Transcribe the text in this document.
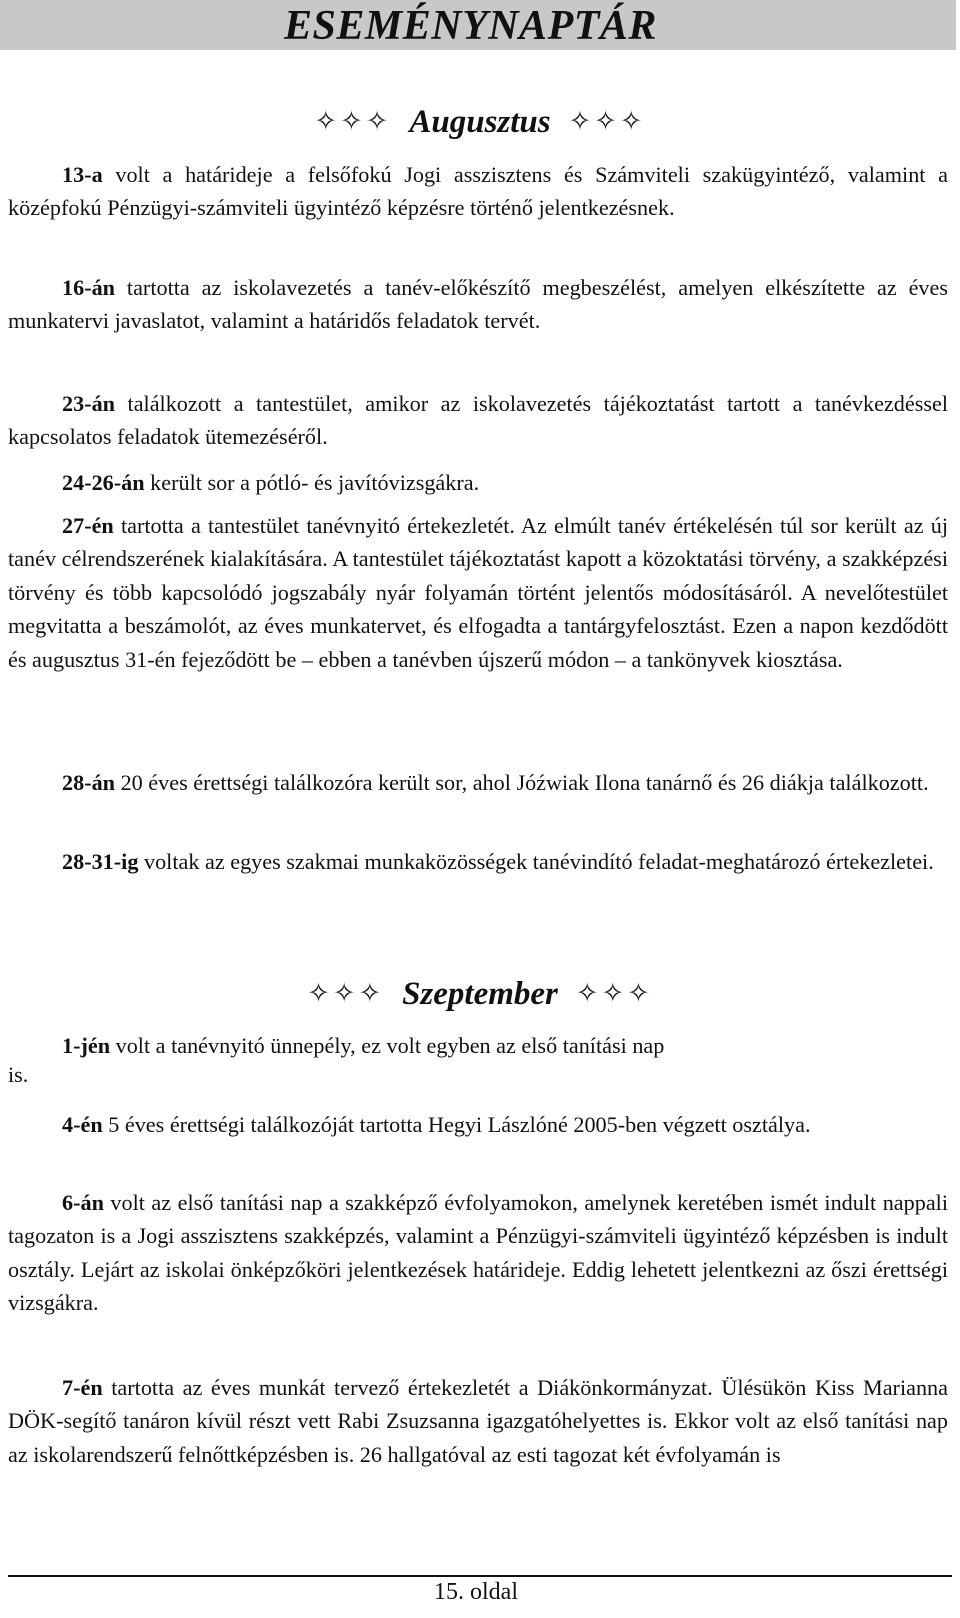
ESEMÉNYNAPTÁR
✧✧✧ Augusztus ✧✧✧

13-a volt a határideje a felsőfokú Jogi asszisztens és Számviteli szakügyintéző, valamint a középfokú Pénzügyi-számviteli ügyintéző képzésre történő jelentkezésnek.

16-án tartotta az iskolavezetés a tanév-előkészítő megbeszélést, amelyen elkészítette az éves munkatervi javaslatot, valamint a határidős feladatok tervét.

23-án találkozott a tantestület, amikor az iskolavezetés tájékoztatást tartott a tanévkezdéssel kapcsolatos feladatok ütemezéséről.

24-26-án került sor a pótló- és javítóvizsgákra.

27-én tartotta a tantestület tanévnyitó értekezletét. Az elmúlt tanév értékelésén túl sor került az új tanév célrendszerének kialakítására. A tantestület tájékoztatást kapott a közoktatási törvény, a szakképzési törvény és több kapcsolódó jogszabály nyár folyamán történt jelentős módosításáról. A nevelőtestület megvitatta a beszámolót, az éves munkatervet, és elfogadta a tantárgyfelosztást. Ezen a napon kezdődött és augusztus 31-én fejeződött be – ebben a tanévben újszerű módon – a tankönyvek kiosztása.

28-án 20 éves érettségi találkozóra került sor, ahol Jóźwiak Ilona tanárnő és 26 diákja találkozott.

28-31-ig voltak az egyes szakmai munkaközösségek tanévindító feladat-meghatározó értekezletei.

✧✧✧ Szeptember ✧✧✧

1-jén volt a tanévnyitó ünnepély, ez volt egyben az első tanítási nap

is.

4-én 5 éves érettségi találkozóját tartotta Hegyi Lászlóné 2005-ben végzett osztálya.

6-án volt az első tanítási nap a szakképző évfolyamokon, amelynek keretében ismét indult nappali tagozaton is a Jogi asszisztens szakképzés, valamint a Pénzügyi-számviteli ügyintéző képzésben is indult osztály. Lejárt az iskolai önképzőköri jelentkezések határideje. Eddig lehetett jelentkezni az őszi érettségi vizsgákra.

7-én tartotta az éves munkát tervező értekezletét a Diákönkormányzat. Ülésükön Kiss Marianna DÖK-segítő tanáron kívül részt vett Rabi Zsuzsanna igazgatóhelyettes is. Ekkor volt az első tanítási nap az iskolarendszerű felnőttképzésben is. 26 hallgatóval az esti tagozat két évfolyamán is

15. oldal
